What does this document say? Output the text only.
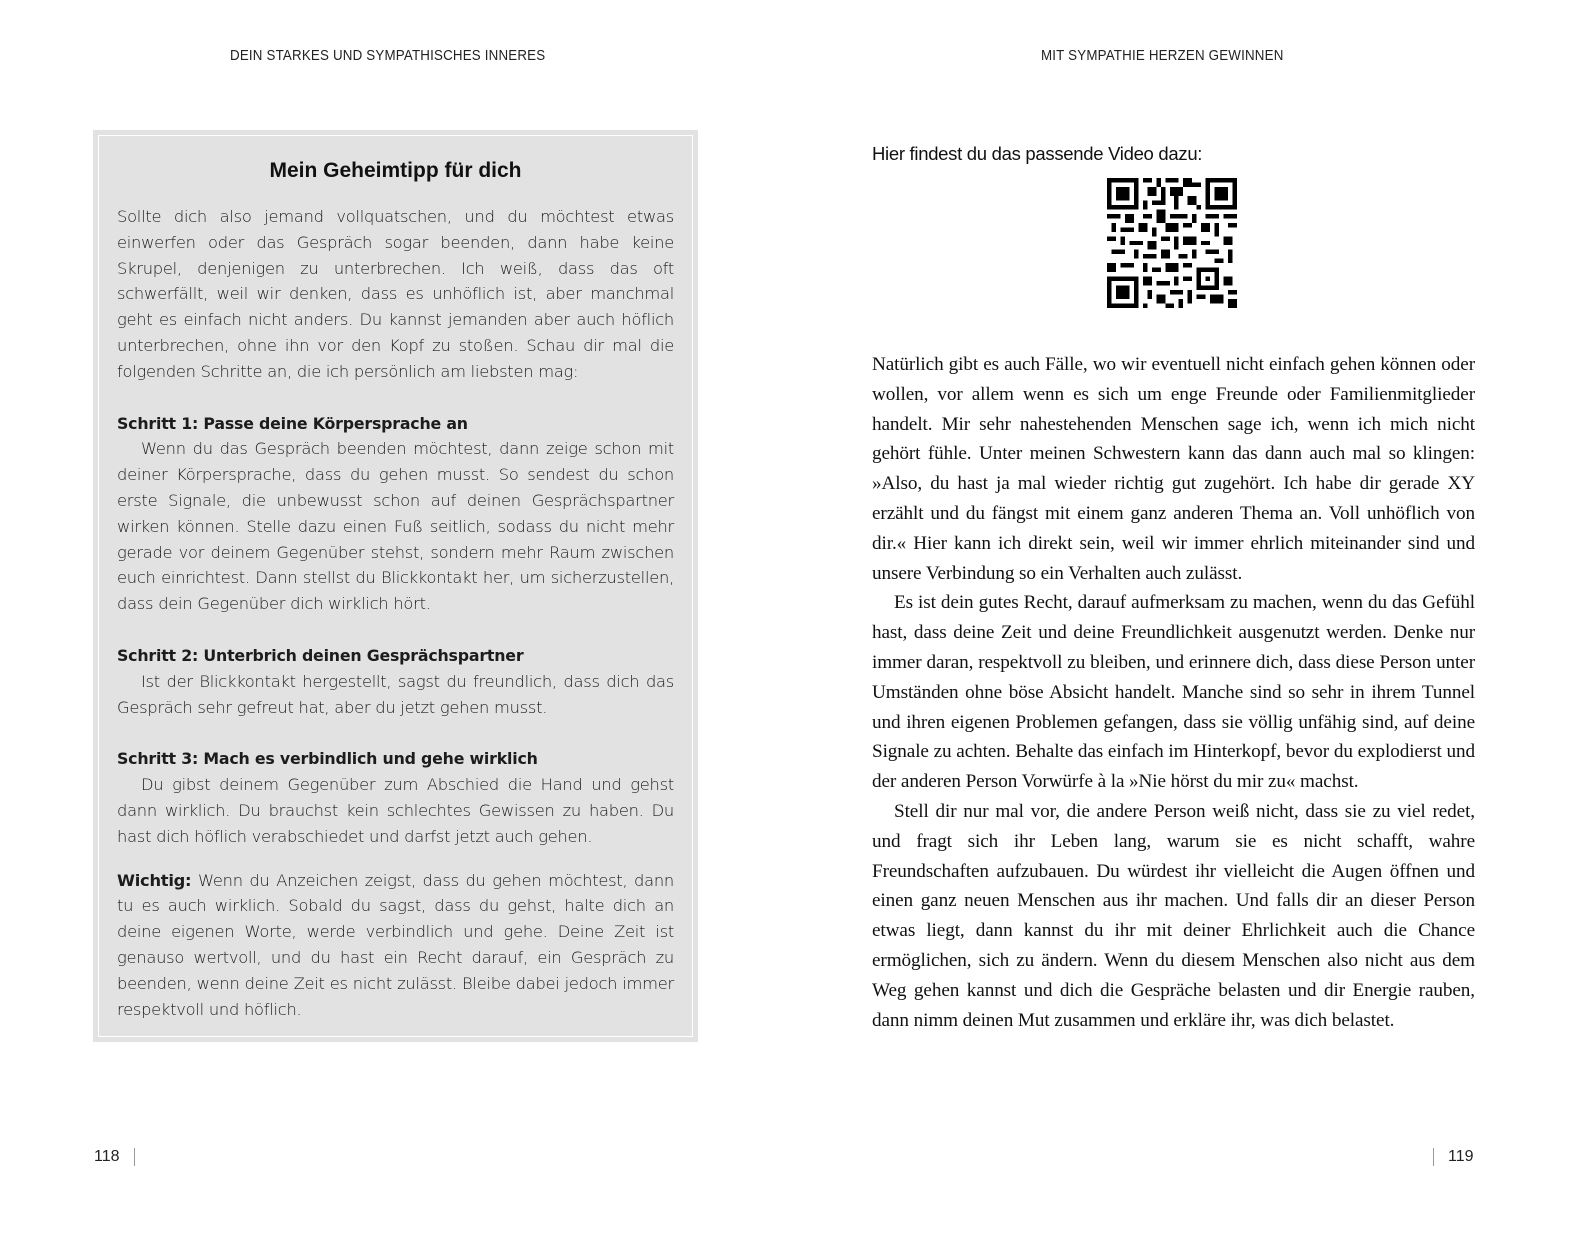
DEIN STARKES UND SYMPATHISCHES INNERES
Mein Geheimtipp für dich

Sollte dich also jemand vollquatschen, und du möchtest etwas einwerfen oder das Gespräch sogar beenden, dann habe keine Skrupel, denjenigen zu unterbrechen. Ich weiß, dass das oft schwerfällt, weil wir denken, dass es unhöflich ist, aber manchmal geht es einfach nicht anders. Du kannst jemanden aber auch höflich unterbrechen, ohne ihn vor den Kopf zu stoßen. Schau dir mal die folgenden Schritte an, die ich persönlich am liebsten mag:

Schritt 1: Passe deine Körpersprache an

Wenn du das Gespräch beenden möchtest, dann zeige schon mit deiner Körpersprache, dass du gehen musst. So sendest du schon erste Signale, die unbewusst schon auf deinen Gesprächspartner wirken können. Stelle dazu einen Fuß seitlich, sodass du nicht mehr gerade vor deinem Gegenüber stehst, sondern mehr Raum zwischen euch einrichtest. Dann stellst du Blickkontakt her, um sicherzustellen, dass dein Gegenüber dich wirklich hört.

Schritt 2: Unterbrich deinen Gesprächspartner

Ist der Blickkontakt hergestellt, sagst du freundlich, dass dich das Gespräch sehr gefreut hat, aber du jetzt gehen musst.

Schritt 3: Mach es verbindlich und gehe wirklich

Du gibst deinem Gegenüber zum Abschied die Hand und gehst dann wirklich. Du brauchst kein schlechtes Gewissen zu haben. Du hast dich höflich verabschiedet und darfst jetzt auch gehen.

Wichtig: Wenn du Anzeichen zeigst, dass du gehen möchtest, dann tu es auch wirklich. Sobald du sagst, dass du gehst, halte dich an deine eigenen Worte, werde verbindlich und gehe. Deine Zeit ist genauso wertvoll, und du hast ein Recht darauf, ein Gespräch zu beenden, wenn deine Zeit es nicht zulässt. Bleibe dabei jedoch immer respektvoll und höflich.

118
MIT SYMPATHIE HERZEN GEWINNEN
Hier findest du das passende Video dazu:

Natürlich gibt es auch Fälle, wo wir eventuell nicht einfach gehen können oder wollen, vor allem wenn es sich um enge Freunde oder Familienmitglieder handelt. Mir sehr nahestehenden Menschen sage ich, wenn ich mich nicht gehört fühle. Unter meinen Schwestern kann das dann auch mal so klingen: »Also, du hast ja mal wieder richtig gut zugehört. Ich habe dir gerade XY erzählt und du fängst mit einem ganz anderen Thema an. Voll unhöflich von dir.« Hier kann ich direkt sein, weil wir immer ehrlich miteinander sind und unsere Verbindung so ein Verhalten auch zulässt.

Es ist dein gutes Recht, darauf aufmerksam zu machen, wenn du das Gefühl hast, dass deine Zeit und deine Freundlichkeit ausgenutzt werden. Denke nur immer daran, respektvoll zu bleiben, und erinnere dich, dass diese Person unter Umständen ohne böse Absicht handelt. Manche sind so sehr in ihrem Tunnel und ihren eigenen Problemen gefangen, dass sie völlig unfähig sind, auf deine Signale zu achten. Behalte das einfach im Hinterkopf, bevor du explodierst und der anderen Person Vorwürfe à la »Nie hörst du mir zu« machst.

Stell dir nur mal vor, die andere Person weiß nicht, dass sie zu viel redet, und fragt sich ihr Leben lang, warum sie es nicht schafft, wahre Freundschaften aufzubauen. Du würdest ihr vielleicht die Augen öffnen und einen ganz neuen Menschen aus ihr machen. Und falls dir an dieser Person etwas liegt, dann kannst du ihr mit deiner Ehrlichkeit auch die Chance ermöglichen, sich zu ändern. Wenn du diesem Menschen also nicht aus dem Weg gehen kannst und dich die Gespräche belasten und dir Energie rauben, dann nimm deinen Mut zusammen und erkläre ihr, was dich belastet.

119
